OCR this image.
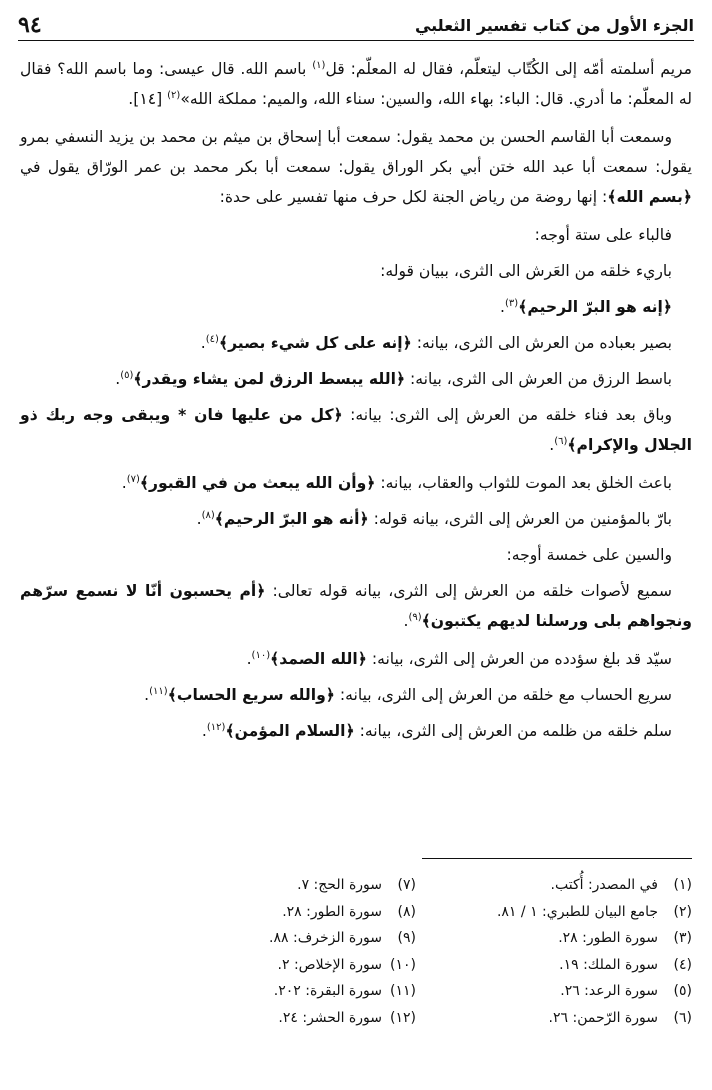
الجزء الأول من كتاب تفسير الثعلبي
٩٤

مريم أسلمته أمّه إلى الكُتّاب ليتعلّم، فقال له المعلّم: قل$^{(١)}$ باسم الله. قال عيسى: وما باسم الله؟ فقال له المعلّم: ما أدري. قال: الباء: بهاء الله، والسين: سناء الله، والميم: مملكة الله»$^{(٢)}$ [١٤].

وسمعت أبا القاسم الحسن بن محمد يقول: سمعت أبا إسحاق بن ميثم بن محمد بن يزيد النسفي بمرو يقول: سمعت أبا عبد الله ختن أبي بكر الوراق يقول: سمعت أبا بكر محمد بن عمر الورّاق يقول في ﴿بسم الله﴾: إنها روضة من رياض الجنة لكل حرف منها تفسير على حدة:

فالباء على ستة أوجه:

باريء خلقه من العَرش الى الثرى، ببيان قوله:

﴿إنه هو البرّ الرحيم﴾$^{(٣)}$.

بصير بعباده من العرش الى الثرى، بيانه: ﴿إنه على كل شيء بصير﴾$^{(٤)}$.

باسط الرزق من العرش الى الثرى، بيانه: ﴿الله يبسط الرزق لمن يشاء ويقدر﴾$^{(٥)}$.

وباق بعد فناء خلقه من العرش إلى الثرى: بيانه: ﴿كل من عليها فان * ويبقى وجه ربك ذو الجلال والإكرام﴾$^{(٦)}$.

باعث الخلق بعد الموت للثواب والعقاب، بيانه: ﴿وأن الله يبعث من في القبور﴾$^{(٧)}$.

بارّ بالمؤمنين من العرش إلى الثرى، بيانه قوله: ﴿أنه هو البرّ الرحيم﴾$^{(٨)}$.

والسين على خمسة أوجه:

سميع لأصوات خلقه من العرش إلى الثرى، بيانه قوله تعالى: ﴿أم يحسبون أنّا لا نسمع سرّهم ونجواهم بلى ورسلنا لديهم يكتبون﴾$^{(٩)}$.

سيّد قد بلغ سؤدده من العرش إلى الثرى، بيانه: ﴿الله الصمد﴾$^{(١٠)}$.

سريع الحساب مع خلقه من العرش إلى الثرى، بيانه: ﴿والله سريع الحساب﴾$^{(١١)}$.

سلم خلقه من ظلمه من العرش إلى الثرى، بيانه: ﴿السلام المؤمن﴾$^{(١٢)}$.

(١)
في المصدر: أُكتب.
(٢)
جامع البيان للطبري: ١ / ٨١.
(٣)
سورة الطور: ٢٨.
(٤)
سورة الملك: ١٩.
(٥)
سورة الرعد: ٢٦.
(٦)
سورة الرّحمن: ٢٦.
(٧)
سورة الحج: ٧.
(٨)
سورة الطور: ٢٨.
(٩)
سورة الزخرف: ٨٨.
(١٠)
سورة الإخلاص: ٢.
(١١)
سورة البقرة: ٢٠٢.
(١٢)
سورة الحشر: ٢٤.
